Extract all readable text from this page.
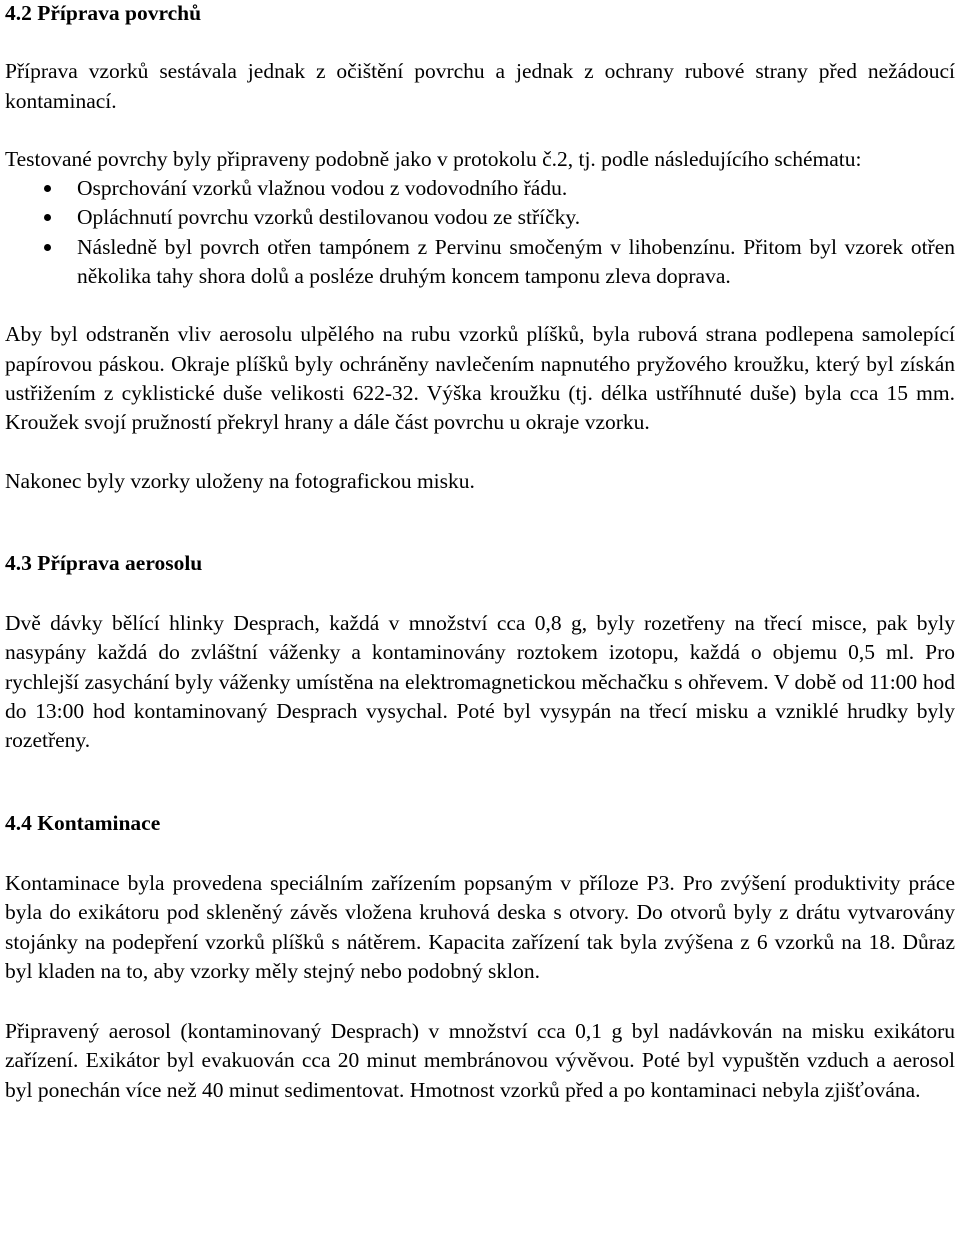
4.2 Příprava povrchů

Příprava vzorků sestávala jednak z očištění povrchu a jednak z ochrany rubové strany před nežádoucí kontaminací.

Testované povrchy byly připraveny podobně jako v protokolu č.2, tj. podle následujícího schématu:

Osprchování vzorků vlažnou vodou z vodovodního řádu.
Opláchnutí povrchu vzorků destilovanou vodou ze stříčky.
Následně byl povrch otřen tampónem z Pervinu smočeným v lihobenzínu. Přitom byl vzorek otřen několika tahy shora dolů a posléze druhým koncem tamponu zleva doprava.

Aby byl odstraněn vliv aerosolu ulpělého na rubu vzorků plíšků, byla rubová strana podlepena samolepící papírovou páskou. Okraje plíšků byly ochráněny navlečením napnutého pryžového kroužku, který byl získán ustřižením z cyklistické duše velikosti 622-32. Výška kroužku (tj. délka ustříhnuté duše) byla cca 15 mm. Kroužek svojí pružností překryl hrany a dále část povrchu u okraje vzorku.

Nakonec byly vzorky uloženy na fotografickou misku.

4.3 Příprava aerosolu

Dvě dávky bělící hlinky Desprach, každá v množství cca 0,8 g, byly rozetřeny na třecí misce, pak byly nasypány každá do zvláštní váženky a kontaminovány roztokem izotopu, každá o objemu 0,5 ml. Pro rychlejší zasychání byly váženky umístěna na elektromagnetickou měchačku s ohřevem. V době od 11:00 hod do 13:00 hod kontaminovaný Desprach vysychal. Poté byl vysypán na třecí misku a vzniklé hrudky byly rozetřeny.

4.4 Kontaminace

Kontaminace byla provedena speciálním zařízením popsaným v příloze P3. Pro zvýšení produktivity práce byla do exikátoru pod skleněný závěs vložena kruhová deska s otvory. Do otvorů byly z drátu vytvarovány stojánky na podepření vzorků plíšků s nátěrem. Kapacita zařízení tak byla zvýšena z 6 vzorků na 18. Důraz byl kladen na to, aby vzorky měly stejný nebo podobný sklon.

Připravený aerosol (kontaminovaný Desprach) v množství cca 0,1 g byl nadávkován na misku exikátoru zařízení. Exikátor byl evakuován cca 20 minut membránovou vývěvou. Poté byl vypuštěn vzduch a aerosol byl ponechán více než 40 minut sedimentovat. Hmotnost vzorků před a po kontaminaci nebyla zjišťována.
